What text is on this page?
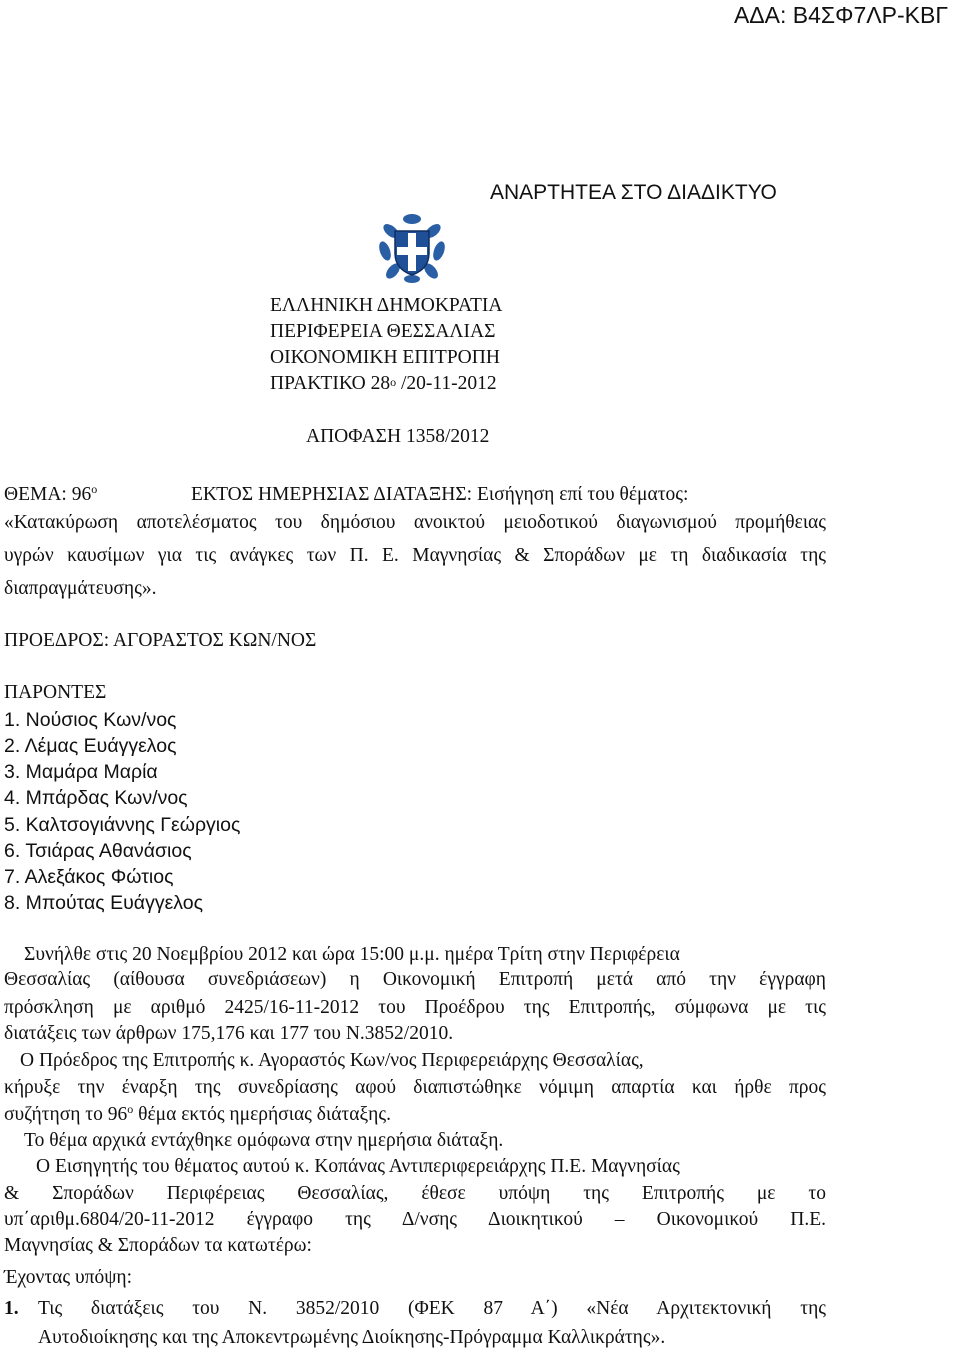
ΑΔΑ: Β4ΣΦ7ΛΡ-ΚΒΓ
ΑΝΑΡΤΗΤΕΑ ΣΤΟ ΔΙΑΔΙΚΤΥΟ
ΕΛΛΗΝΙΚΗ ΔΗΜΟΚΡΑΤΙΑ
ΠΕΡΙΦΕΡΕΙΑ ΘΕΣΣΑΛΙΑΣ
ΟΙΚΟΝΟΜΙΚΗ ΕΠΙΤΡΟΠΗ
ΠΡΑΚΤΙΚΟ $28^o$ /20-11-2012
ΑΠΟΦΑΣΗ 1358/2012
ΘΕΜΑ: $96^o$	ΕΚΤΟΣ ΗΜΕΡΗΣΙΑΣ ΔΙΑΤΑΞΗΣ: Εισήγηση επί του θέματος:
«Κατακύρωση αποτελέσματος του δημόσιου ανοικτού μειοδοτικού διαγωνισμού προμήθειας
υγρών καυσίμων για τις ανάγκες των Π. Ε. Μαγνησίας & Σποράδων με τη διαδικασία της
διαπραγμάτευσης».
ΠΡΟΕΔΡΟΣ: ΑΓΟΡΑΣΤΟΣ ΚΩΝ/ΝΟΣ
ΠΑΡΟΝΤΕΣ
1. Νούσιος Κων/νος
2. Λέμας Ευάγγελος
3. Μαμάρα Μαρία
4. Μπάρδας Κων/νος
5. Καλτσογιάννης Γεώργιος
6. Τσιάρας Αθανάσιος
7. Αλεξάκος Φώτιος
8. Μπούτας Ευάγγελος
Συνήλθε στις 20 Νοεμβρίου 2012 και ώρα 15:00 μ.μ. ημέρα Τρίτη στην Περιφέρεια
Θεσσαλίας (αίθουσα συνεδριάσεων) η Οικονομική Επιτροπή μετά από την έγγραφη
πρόσκληση με αριθμό 2425/16-11-2012 του Προέδρου της Επιτροπής, σύμφωνα με τις
διατάξεις των άρθρων 175,176 και 177 του Ν.3852/2010.
Ο Πρόεδρος της Επιτροπής κ. Αγοραστός Κων/νος Περιφερειάρχης Θεσσαλίας,
κήρυξε την έναρξη της συνεδρίασης αφού διαπιστώθηκε νόμιμη απαρτία και ήρθε προς
συζήτηση το $96^o$ θέμα εκτός ημερήσιας διάταξης.
Το θέμα αρχικά εντάχθηκε ομόφωνα στην ημερήσια διάταξη.
Ο Εισηγητής του θέματος αυτού κ. Κοπάνας Αντιπεριφερειάρχης Π.Ε. Μαγνησίας
& Σποράδων Περιφέρειας Θεσσαλίας, έθεσε υπόψη της Επιτροπής με το
υπ΄αριθμ.6804/20-11-2012 έγγραφο της Δ/νσης Διοικητικού – Οικονομικού Π.Ε.
Μαγνησίας & Σποράδων τα κατωτέρω:
Έχοντας υπόψη:
1. Τις διατάξεις του Ν. 3852/2010 (ΦΕΚ 87 Α΄) «Νέα Αρχιτεκτονική της
Αυτοδιοίκησης και της Αποκεντρωμένης Διοίκησης-Πρόγραμμα Καλλικράτης».
